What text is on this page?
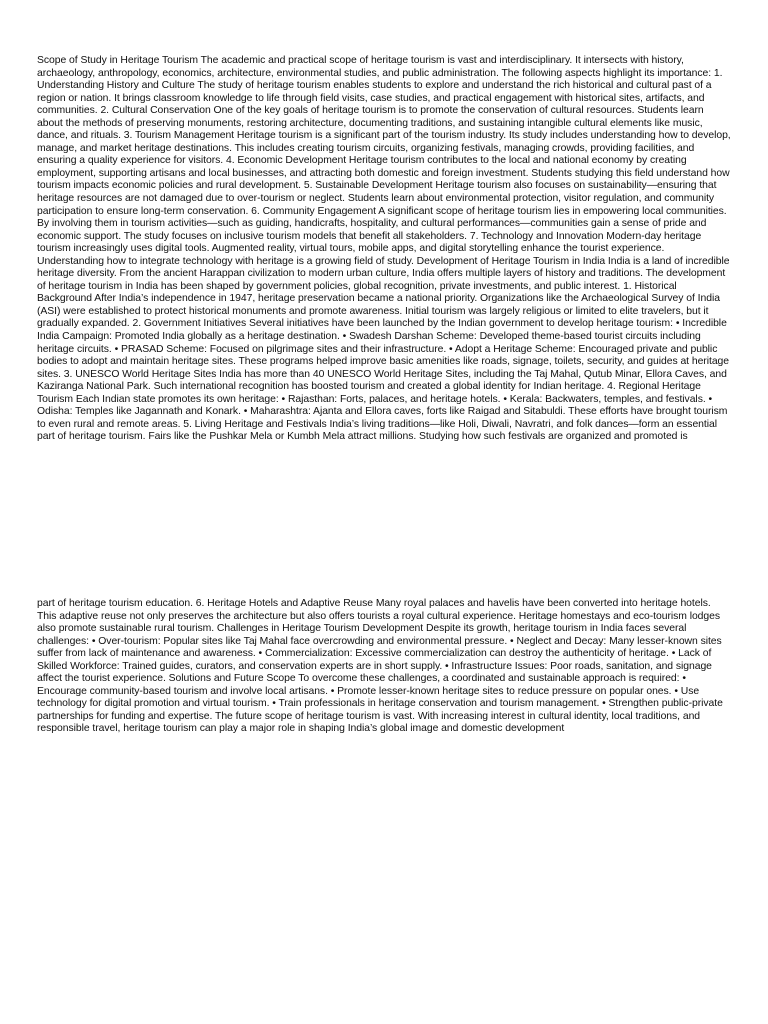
Scope of Study in Heritage Tourism The academic and practical scope of heritage tourism is vast and interdisciplinary. It intersects with history, archaeology, anthropology, economics, architecture, environmental studies, and public administration. The following aspects highlight its importance: 1. Understanding History and Culture The study of heritage tourism enables students to explore and understand the rich historical and cultural past of a region or nation. It brings classroom knowledge to life through field visits, case studies, and practical engagement with historical sites, artifacts, and communities. 2. Cultural Conservation One of the key goals of heritage tourism is to promote the conservation of cultural resources. Students learn about the methods of preserving monuments, restoring architecture, documenting traditions, and sustaining intangible cultural elements like music, dance, and rituals. 3. Tourism Management Heritage tourism is a significant part of the tourism industry. Its study includes understanding how to develop, manage, and market heritage destinations. This includes creating tourism circuits, organizing festivals, managing crowds, providing facilities, and ensuring a quality experience for visitors. 4. Economic Development Heritage tourism contributes to the local and national economy by creating employment, supporting artisans and local businesses, and attracting both domestic and foreign investment. Students studying this field understand how tourism impacts economic policies and rural development. 5. Sustainable Development Heritage tourism also focuses on sustainability—ensuring that heritage resources are not damaged due to over-tourism or neglect. Students learn about environmental protection, visitor regulation, and community participation to ensure long-term conservation. 6. Community Engagement A significant scope of heritage tourism lies in empowering local communities. By involving them in tourism activities—such as guiding, handicrafts, hospitality, and cultural performances—communities gain a sense of pride and economic support. The study focuses on inclusive tourism models that benefit all stakeholders. 7. Technology and Innovation Modern-day heritage tourism increasingly uses digital tools. Augmented reality, virtual tours, mobile apps, and digital storytelling enhance the tourist experience. Understanding how to integrate technology with heritage is a growing field of study. Development of Heritage Tourism in India India is a land of incredible heritage diversity. From the ancient Harappan civilization to modern urban culture, India offers multiple layers of history and traditions. The development of heritage tourism in India has been shaped by government policies, global recognition, private investments, and public interest. 1. Historical Background After India’s independence in 1947, heritage preservation became a national priority. Organizations like the Archaeological Survey of India (ASI) were established to protect historical monuments and promote awareness. Initial tourism was largely religious or limited to elite travelers, but it gradually expanded. 2. Government Initiatives Several initiatives have been launched by the Indian government to develop heritage tourism: • Incredible India Campaign: Promoted India globally as a heritage destination. • Swadesh Darshan Scheme: Developed theme-based tourist circuits including heritage circuits. • PRASAD Scheme: Focused on pilgrimage sites and their infrastructure. • Adopt a Heritage Scheme: Encouraged private and public bodies to adopt and maintain heritage sites. These programs helped improve basic amenities like roads, signage, toilets, security, and guides at heritage sites. 3. UNESCO World Heritage Sites India has more than 40 UNESCO World Heritage Sites, including the Taj Mahal, Qutub Minar, Ellora Caves, and Kaziranga National Park. Such international recognition has boosted tourism and created a global identity for Indian heritage. 4. Regional Heritage Tourism Each Indian state promotes its own heritage: • Rajasthan: Forts, palaces, and heritage hotels. • Kerala: Backwaters, temples, and festivals. • Odisha: Temples like Jagannath and Konark. • Maharashtra: Ajanta and Ellora caves, forts like Raigad and Sitabuldi. These efforts have brought tourism to even rural and remote areas. 5. Living Heritage and Festivals India’s living traditions—like Holi, Diwali, Navratri, and folk dances—form an essential part of heritage tourism. Fairs like the Pushkar Mela or Kumbh Mela attract millions. Studying how such festivals are organized and promoted is

part of heritage tourism education. 6. Heritage Hotels and Adaptive Reuse Many royal palaces and havelis have been converted into heritage hotels. This adaptive reuse not only preserves the architecture but also offers tourists a royal cultural experience. Heritage homestays and eco-tourism lodges also promote sustainable rural tourism. Challenges in Heritage Tourism Development Despite its growth, heritage tourism in India faces several challenges: • Over-tourism: Popular sites like Taj Mahal face overcrowding and environmental pressure. • Neglect and Decay: Many lesser-known sites suffer from lack of maintenance and awareness. • Commercialization: Excessive commercialization can destroy the authenticity of heritage. • Lack of Skilled Workforce: Trained guides, curators, and conservation experts are in short supply. • Infrastructure Issues: Poor roads, sanitation, and signage affect the tourist experience. Solutions and Future Scope To overcome these challenges, a coordinated and sustainable approach is required: • Encourage community-based tourism and involve local artisans. • Promote lesser-known heritage sites to reduce pressure on popular ones. • Use technology for digital promotion and virtual tourism. • Train professionals in heritage conservation and tourism management. • Strengthen public-private partnerships for funding and expertise. The future scope of heritage tourism is vast. With increasing interest in cultural identity, local traditions, and responsible travel, heritage tourism can play a major role in shaping India’s global image and domestic development
